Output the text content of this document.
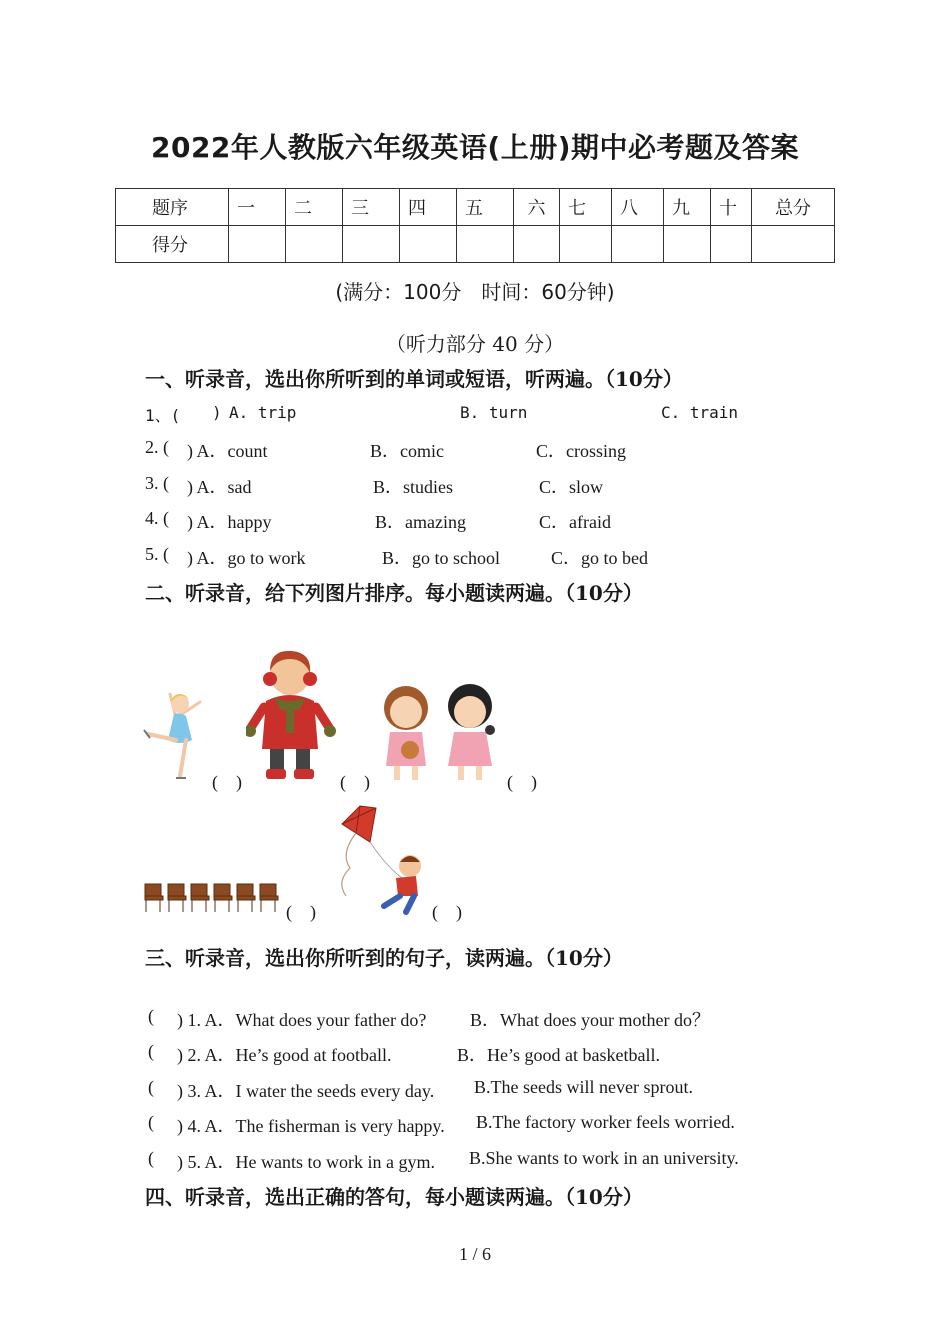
2022年人教版六年级英语(上册)期中必考题及答案
题序	一	二	三	四	五	六	七	八	九	十	总分
得分											
(满分：100分　时间：60分钟)
（听力部分 40 分）
一、听录音，选出你所听到的单词或短语，听两遍。（10分）
1、( ) A. trip	B. turn	C. train
2. ( ) A．count	B．comic	C．crossing
3. ( ) A．sad	B．studies	C．slow
4. ( ) A．happy	B．amazing	C．afraid
5. ( ) A．go to work	B．go to school	C．go to bed
二、听录音，给下列图片排序。每小题读两遍。（10分）
(　)	(　)	(　)
(　)	(　)
三、听录音，选出你所听到的句子，读两遍。（10分）
( ) 1. A．What does your father do? B．What does your mother do？
( ) 2. A．He’s good at football.	B．He’s good at basketball.
( ) 3. A．I water the seeds every day. B.The seeds will never sprout.
( ) 4. A．The fisherman is very happy. B.The factory worker feels worried.
( ) 5. A．He wants to work in a gym. B.She wants to work in an university.
四、听录音，选出正确的答句，每小题读两遍。（10分）
1 / 6
